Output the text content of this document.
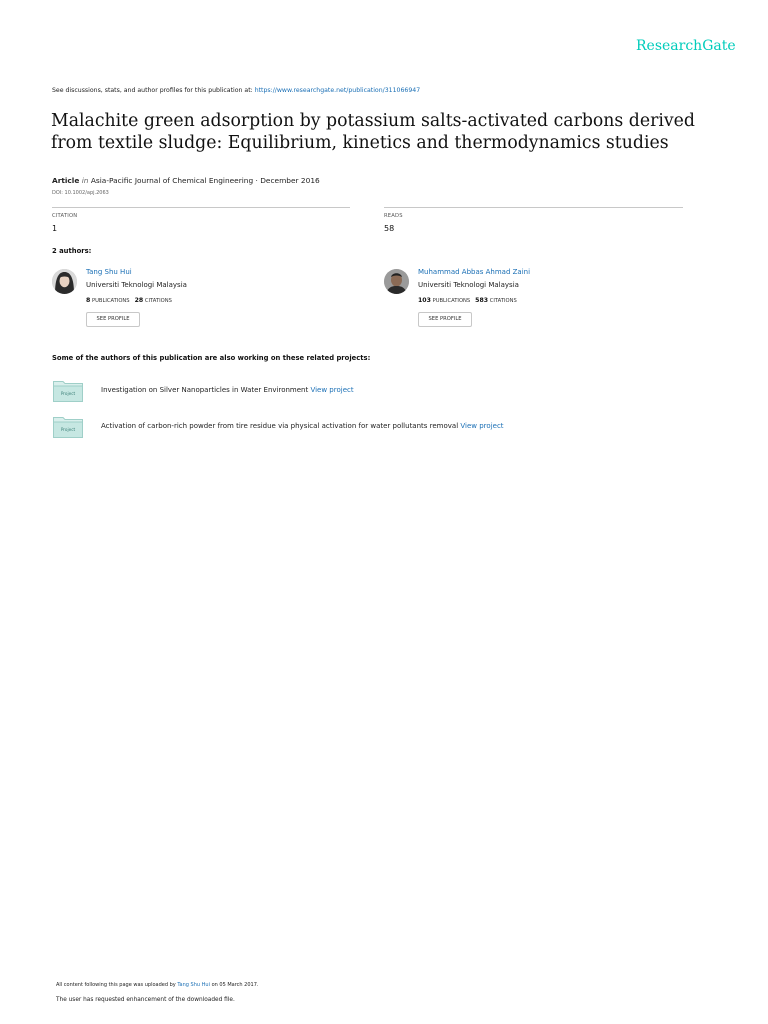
ResearchGate
See discussions, stats, and author profiles for this publication at: https://www.researchgate.net/publication/311066947
Malachite green adsorption by potassium salts-activated carbons derived from textile sludge: Equilibrium, kinetics and thermodynamics studies
Article in Asia-Pacific Journal of Chemical Engineering · December 2016
DOI: 10.1002/apj.2063
CITATION
1
READS
58
2 authors:
Tang Shu Hui
Universiti Teknologi Malaysia
8 PUBLICATIONS 28 CITATIONS
SEE PROFILE
Muhammad Abbas Ahmad Zaini
Universiti Teknologi Malaysia
103 PUBLICATIONS 583 CITATIONS
SEE PROFILE
Some of the authors of this publication are also working on these related projects:
Project	Investigation on Silver Nanoparticles in Water Environment View project
Project	Activation of carbon-rich powder from tire residue via physical activation for water pollutants removal View project
All content following this page was uploaded by Tang Shu Hui on 05 March 2017.
The user has requested enhancement of the downloaded file.
